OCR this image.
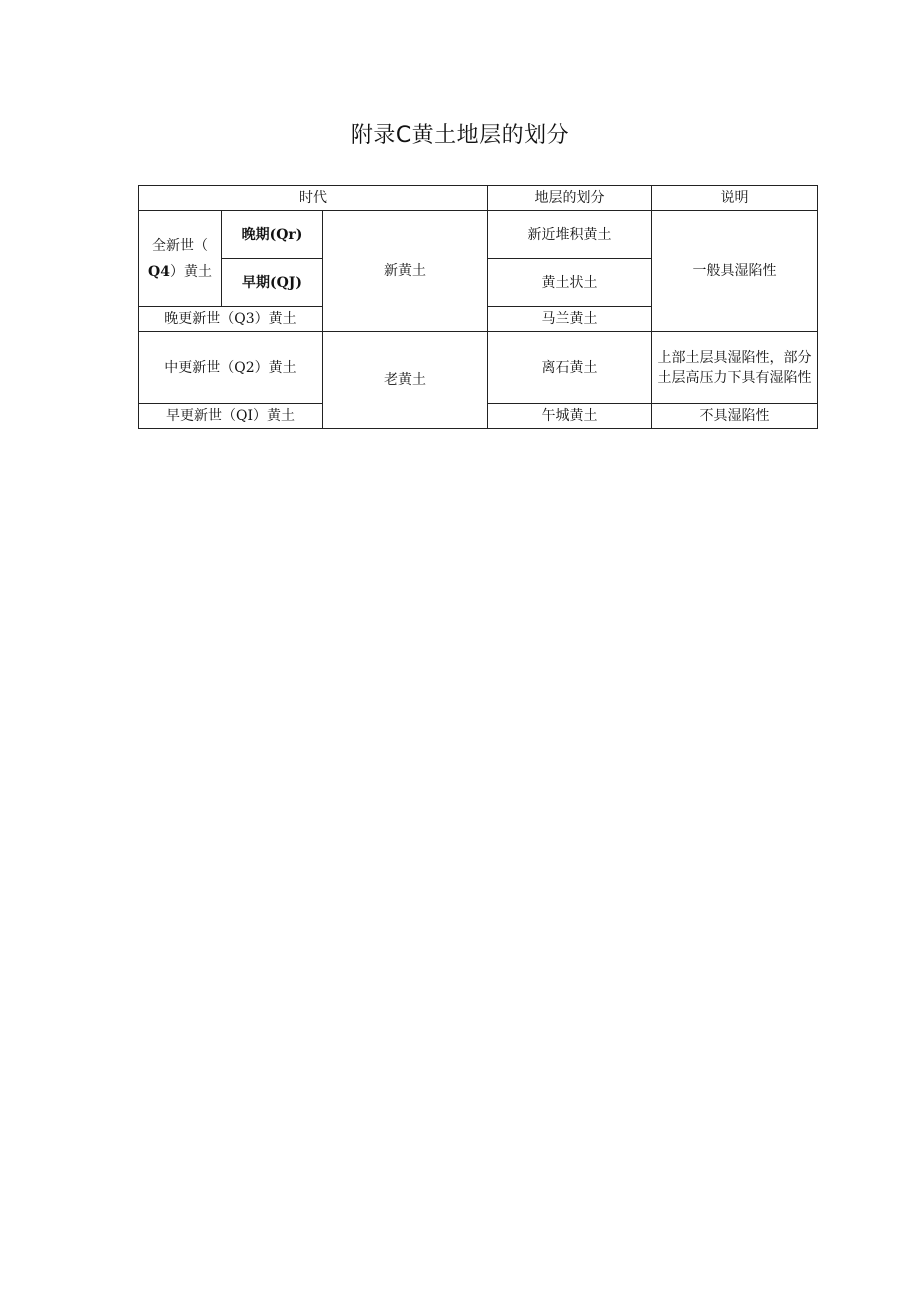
附录C黄土地层的划分
时代			地层的划分	说明

全新世（
Q4）黄土	晚期(Qr)	新黄土	新近堆积黄土	一般具湿陷性
	早期(QJ)		黄土状土	
晚更新世（Q3）黄土			马兰黄土	
中更新世（Q2）黄土		老黄土	离石黄土	上部土层具湿陷性，部分土层高压力下具有湿陷性
早更新世（QI）黄土			午城黄土	不具湿陷性
